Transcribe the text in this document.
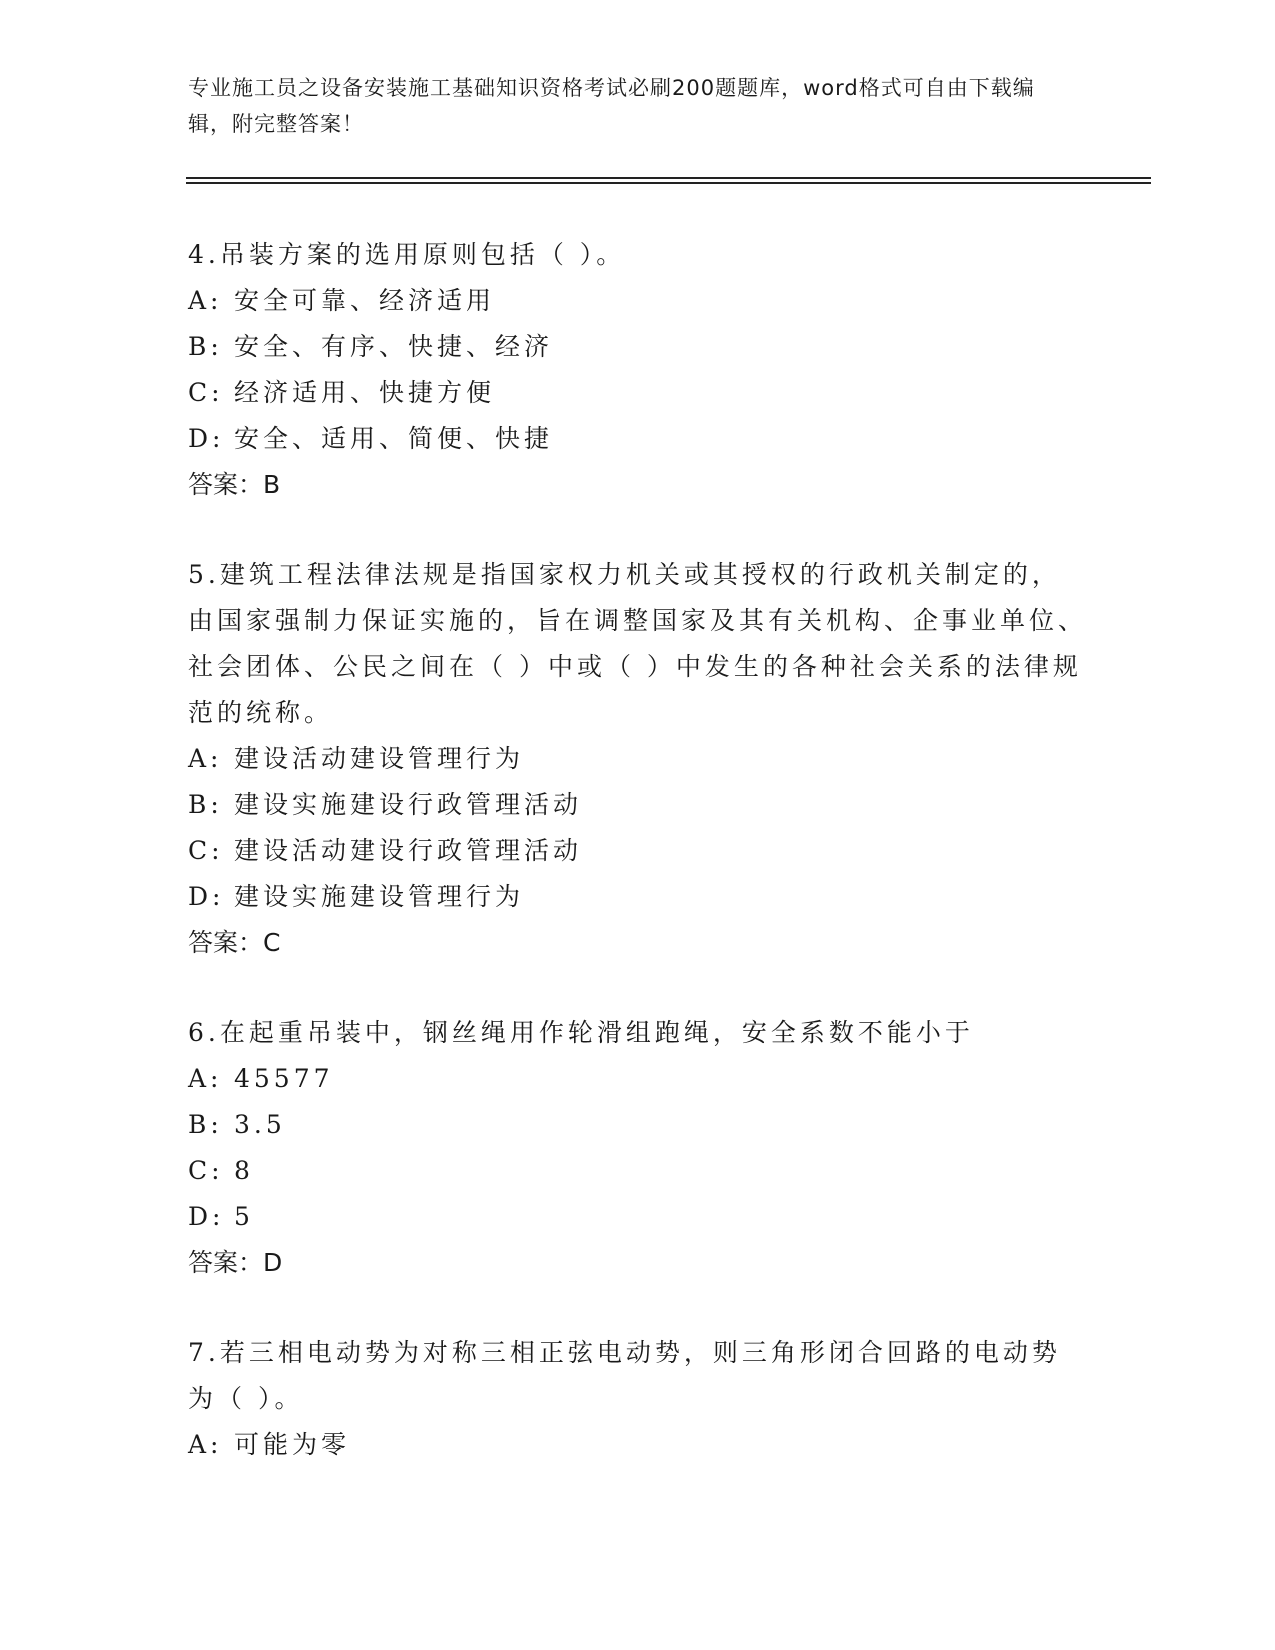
专业施工员之设备安装施工基础知识资格考试必刷200题题库，word格式可自由下载编辑，附完整答案！

4.吊装方案的选用原则包括（ ）。

A: 安全可靠、经济适用

B: 安全、有序、快捷、经济

C: 经济适用、快捷方便

D: 安全、适用、简便、快捷

答案：B

5.建筑工程法律法规是指国家权力机关或其授权的行政机关制定的，由国家强制力保证实施的，旨在调整国家及其有关机构、企事业单位、社会团体、公民之间在（ ）中或（ ）中发生的各种社会关系的法律规范的统称。

A: 建设活动建设管理行为

B: 建设实施建设行政管理活动

C: 建设活动建设行政管理活动

D: 建设实施建设管理行为

答案：C

6.在起重吊装中，钢丝绳用作轮滑组跑绳，安全系数不能小于

A: 45577

B: 3.5

C: 8

D: 5

答案：D

7.若三相电动势为对称三相正弦电动势，则三角形闭合回路的电动势为（ ）。

A: 可能为零
